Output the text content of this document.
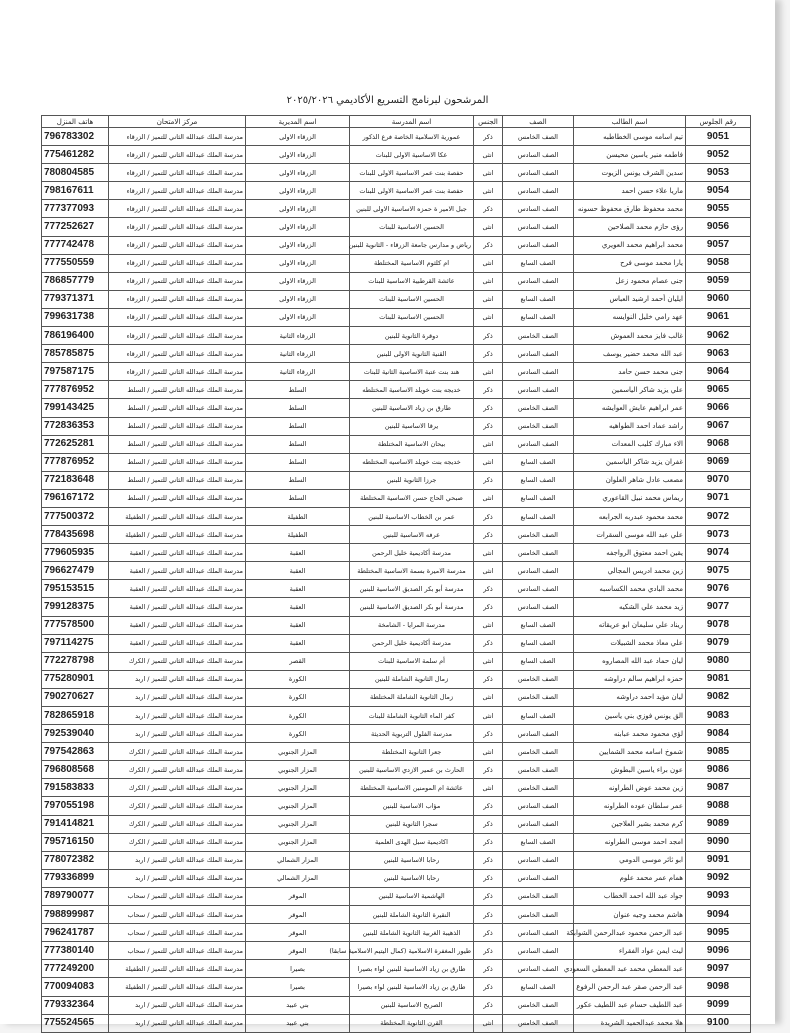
المرشحون لبرنامج التسريع الأكاديمي ٢٠٢٥/٢٠٢٦
هاتف المنزل	مركز الامتحان	اسم المديرية	اسم المدرسة	الجنس	الصف	اسم الطالب	رقم الجلوس
796783302	مدرسة الملك عبدالله الثاني للتميز / الزرقاء	الزرقاء الاولى	عمورية الاسلامية الخاصة فرع الذكور	ذكر	الصف الخامس	تيم اسامه موسى الخطاطبه	9051
775461282	مدرسة الملك عبدالله الثاني للتميز / الزرقاء	الزرقاء الاولى	عكا الاساسية الاولى للبنات	انثى	الصف السادس	فاطمه منير ياسين محيسن	9052
780804585	مدرسة الملك عبدالله الثاني للتميز / الزرقاء	الزرقاء الاولى	حفصة بنت عمر الاساسية الاولى للبنات	انثى	الصف السادس	سدين الشرف يونس الزيوت	9053
798167611	مدرسة الملك عبدالله الثاني للتميز / الزرقاء	الزرقاء الاولى	حفصة بنت عمر الاساسية الاولى للبنات	انثى	الصف السادس	ماريا علاء حسن احمد	9054
777377093	مدرسة الملك عبدالله الثاني للتميز / الزرقاء	الزرقاء الاولى	جبل الامير ة حمزه الاساسية الاولى للبنين	ذكر	الصف السادس	محمد محفوظ طارق محفوظ حسونه	9055
777252627	مدرسة الملك عبدالله الثاني للتميز / الزرقاء	الزرقاء الاولى	الحسين الاساسية للبنات	انثى	الصف السادس	رؤى حازم محمد الصلاحين	9056
777742478	مدرسة الملك عبدالله الثاني للتميز / الزرقاء	الزرقاء الاولى	رياض و مدارس جامعة الزرقاء - الثانوية للبنين	ذكر	الصف السادس	محمد ابراهيم محمد العويري	9057
777550559	مدرسة الملك عبدالله الثاني للتميز / الزرقاء	الزرقاء الاولى	ام كلثوم الاساسية المختلطة	انثى	الصف السابع	يارا محمد موسى فرح	9058
786857779	مدرسة الملك عبدالله الثاني للتميز / الزرقاء	الزرقاء الاولى	عائشة القرطبية الاساسية للبنات	انثى	الصف السادس	جنى عصام محمود زعل	9059
779371371	مدرسة الملك عبدالله الثاني للتميز / الزرقاء	الزرقاء الاولى	الحسين الاساسية للبنات	انثى	الصف السابع	ايليان أحمد ارشيد العباس	9060
799631738	مدرسة الملك عبدالله الثاني للتميز / الزرقاء	الزرقاء الاولى	الحسين الاساسية للبنات	انثى	الصف السابع	عهد رامي خليل النوايسه	9061
786196400	مدرسة الملك عبدالله الثاني للتميز / الزرقاء	الزرقاء الثانية	دوقرة الثانوية للبنين	ذكر	الصف الخامس	غالب فايز محمد العموش	9062
785785875	مدرسة الملك عبدالله الثاني للتميز / الزرقاء	الزرقاء الثانية	القنية الثانوية الاولى للبنين	ذكر	الصف السادس	عبد الله محمد حضير يوسف	9063
797587175	مدرسة الملك عبدالله الثاني للتميز / الزرقاء	الزرقاء الثانية	هند بنت عتبة الاساسية الثانية للبنات	انثى	الصف السادس	جنى محمد حسن حامد	9064
777876952	مدرسة الملك عبدالله الثاني للتميز / السلط	السلط	خديجه بنت خويلد الاساسية المختلطه	ذكر	الصف السادس	علي يزيد شاكر الياسمين	9065
799143425	مدرسة الملك عبدالله الثاني للتميز / السلط	السلط	طارق بن زياد الاساسية للبنين	ذكر	الصف الخامس	عمر ابراهيم عايش العوايشه	9066
772836353	مدرسة الملك عبدالله الثاني للتميز / السلط	السلط	يرقا الاساسية للبنين	ذكر	الصف الخامس	راشد عماد احمد الطواهيه	9067
772625281	مدرسة الملك عبدالله الثاني للتميز / السلط	السلط	بيحان الاساسية المختلطة	انثى	الصف السادس	الاء مبارك كليب المعدات	9068
777876952	مدرسة الملك عبدالله الثاني للتميز / السلط	السلط	خديجه بنت خويلد الاساسيه المختلطه	انثى	الصف السابع	غفران يزيد شاكر الياسمين	9069
772183648	مدرسة الملك عبدالله الثاني للتميز / السلط	السلط	جرزا الثانوية للبنين	ذكر	الصف السابع	مصعب عادل شاهر العلوان	9070
796167172	مدرسة الملك عبدالله الثاني للتميز / السلط	السلط	صبحي الحاج حسن الاساسية المختلطة	انثى	الصف السابع	ريماس محمد نبيل القاعوري	9071
777500372	مدرسة الملك عبدالله الثاني للتميز / الطفيلة	الطفيلة	عمر بن الخطاب الاساسية للبنين	ذكر	الصف السابع	محمد محمود عبدربه الجرابعه	9072
778435698	مدرسة الملك عبدالله الثاني للتميز / الطفيلة	الطفيلة	عرفه الاساسية للبنين	ذكر	الصف الخامس	علي عبد الله موسى السقرات	9073
779605935	مدرسة الملك عبدالله الثاني للتميز / العقبة	العقبة	مدرسة أكاديمية خليل الرحمن	انثى	الصف الخامس	يقين احمد معتوق الرواجفه	9074
796627479	مدرسة الملك عبدالله الثاني للتميز / العقبة	العقبة	مدرسة الاميرة بسمة الاساسية المختلطة	انثى	الصف السادس	زين محمد ادريس المجالي	9075
795153515	مدرسة الملك عبدالله الثاني للتميز / العقبة	العقبة	مدرسة أبو بكر الصديق الاساسية للبنين	ذكر	الصف السادس	محمد البادي محمد الكساسبه	9076
799128375	مدرسة الملك عبدالله الثاني للتميز / العقبة	العقبة	مدرسة أبو بكر الصديق الاساسية للبنين	ذكر	الصف السادس	زيد محمد علي الشكيه	9077
777578500	مدرسة الملك عبدالله الثاني للتميز / العقبة	العقبة	مدرسة المرايا - الشامخة	انثى	الصف السابع	ريناد علي سليمان ابو عريقاته	9078
797114275	مدرسة الملك عبدالله الثاني للتميز / العقبة	العقبة	مدرسة أكاديمية خليل الرحمن	ذكر	الصف السابع	علي معاذ محمد الشبيلات	9079
772278798	مدرسة الملك عبدالله الثاني للتميز / الكرك	القصر	أم سلمة الاساسية للبنات	انثى	الصف السابع	ليان حماد عبد الله المصاروه	9080
775280901	مدرسة الملك عبدالله الثاني للتميز / اربد	الكورة	زمال الثانوية الشاملة للبنين	ذكر	الصف الخامس	حمزه ابراهيم سالم دراوشه	9081
790270627	مدرسة الملك عبدالله الثاني للتميز / اربد	الكورة	زمال الثانوية الشاملة المختلطة	انثى	الصف الخامس	ليان مؤيد احمد دراوشه	9082
782865918	مدرسة الملك عبدالله الثاني للتميز / اربد	الكورة	كفر الماء الثانوية الشاملة للبنات	انثى	الصف السابع	الق يونس فوزي بني ياسين	9083
792539040	مدرسة الملك عبدالله الثاني للتميز / اربد	الكورة	مدرسة الفلول التربوية الحديثة	ذكر	الصف السادس	لؤي محمود محمد عبابنه	9084
797542863	مدرسة الملك عبدالله الثاني للتميز / الكرك	المزار الجنوبي	جعرا الثانوية المختلطة	انثى	الصف الخامس	شموخ اسامه محمد الشمايين	9085
796808568	مدرسة الملك عبدالله الثاني للتميز / الكرك	المزار الجنوبي	الحارث بن عمير الازدي الاساسية للبنين	ذكر	الصف الخامس	عون براء ياسين البطوش	9086
791583833	مدرسة الملك عبدالله الثاني للتميز / الكرك	المزار الجنوبي	عائشة ام المومنين الاساسية المختلطة	انثى	الصف الخامس	زين محمد عوض الطراونه	9087
797055198	مدرسة الملك عبدالله الثاني للتميز / الكرك	المزار الجنوبي	مؤاب الاساسية للبنين	ذكر	الصف السادس	عمر سلطان عوده الطراونه	9088
791414821	مدرسة الملك عبدالله الثاني للتميز / الكرك	المزار الجنوبي	سجرا الثانوية للبنين	ذكر	الصف السادس	كرم محمد بشير العلاجين	9089
795716150	مدرسة الملك عبدالله الثاني للتميز / الكرك	المزار الجنوبي	اكاديمية سبل الهدى العلمية	ذكر	الصف السابع	امجد احمد موسى الطراونه	9090
778072382	مدرسة الملك عبدالله الثاني للتميز / اربد	المزار الشمالي	رحابا الاساسية للبنين	ذكر	الصف السادس	ابو ثائر موسى الدومي	9091
779336899	مدرسة الملك عبدالله الثاني للتميز / اربد	المزار الشمالي	رحابا الاساسية للبنين	ذكر	الصف السادس	همام عمر محمد علوم	9092
789790077	مدرسة الملك عبدالله الثاني للتميز / سحاب	الموقر	الهاشمية الاساسية للبنين	ذكر	الصف الخامس	جواد عبد الله احمد الخطاب	9093
798899987	مدرسة الملك عبدالله الثاني للتميز / سحاب	الموقر	النقيرة الثانوية الشاملة للبنين	ذكر	الصف الخامس	هاشم محمد وجيه عنوان	9094
796241787	مدرسة الملك عبدالله الثاني للتميز / سحاب	الموقر	الذهيبة الغربية الثانوية الشاملة للبنين	ذكر	الصف السادس	عبد الرحمن محمود عبدالرحمن الشوابكة	9095
777380140	مدرسة الملك عبدالله الثاني للتميز / سحاب	الموقر	طيور المغفرة الاسلامية (كمال اليتيم الاسلامية سابقا)	ذكر	الصف السادس	ليث ايمن عواد الفقراء	9096
777249200	مدرسة الملك عبدالله الثاني للتميز / الطفيلة	بصيرا	طارق بن زياد الاساسية للبنين لواء بصيرا	ذكر	الصف السادس	عبد المعطي محمد عبد المعطي السعودي	9097
770094083	مدرسة الملك عبدالله الثاني للتميز / الطفيلة	بصيرا	طارق بن زياد الاساسية للبنين لواء بصيرا	ذكر	الصف السابع	عبد الرحمن صقر عبد الرحمن الرفوع	9098
779332364	مدرسة الملك عبدالله الثاني للتميز / اربد	بني عبيد	الصريح الاساسية للبنين	ذكر	الصف الخامس	عبد اللطيف حسام عبد اللطيف عكور	9099
775524565	مدرسة الملك عبدالله الثاني للتميز / اربد	بني عبيد	القرن الثانوية المختلطة	انثى	الصف الخامس	هلا محمد عبدالحميد الشريدة	9100
